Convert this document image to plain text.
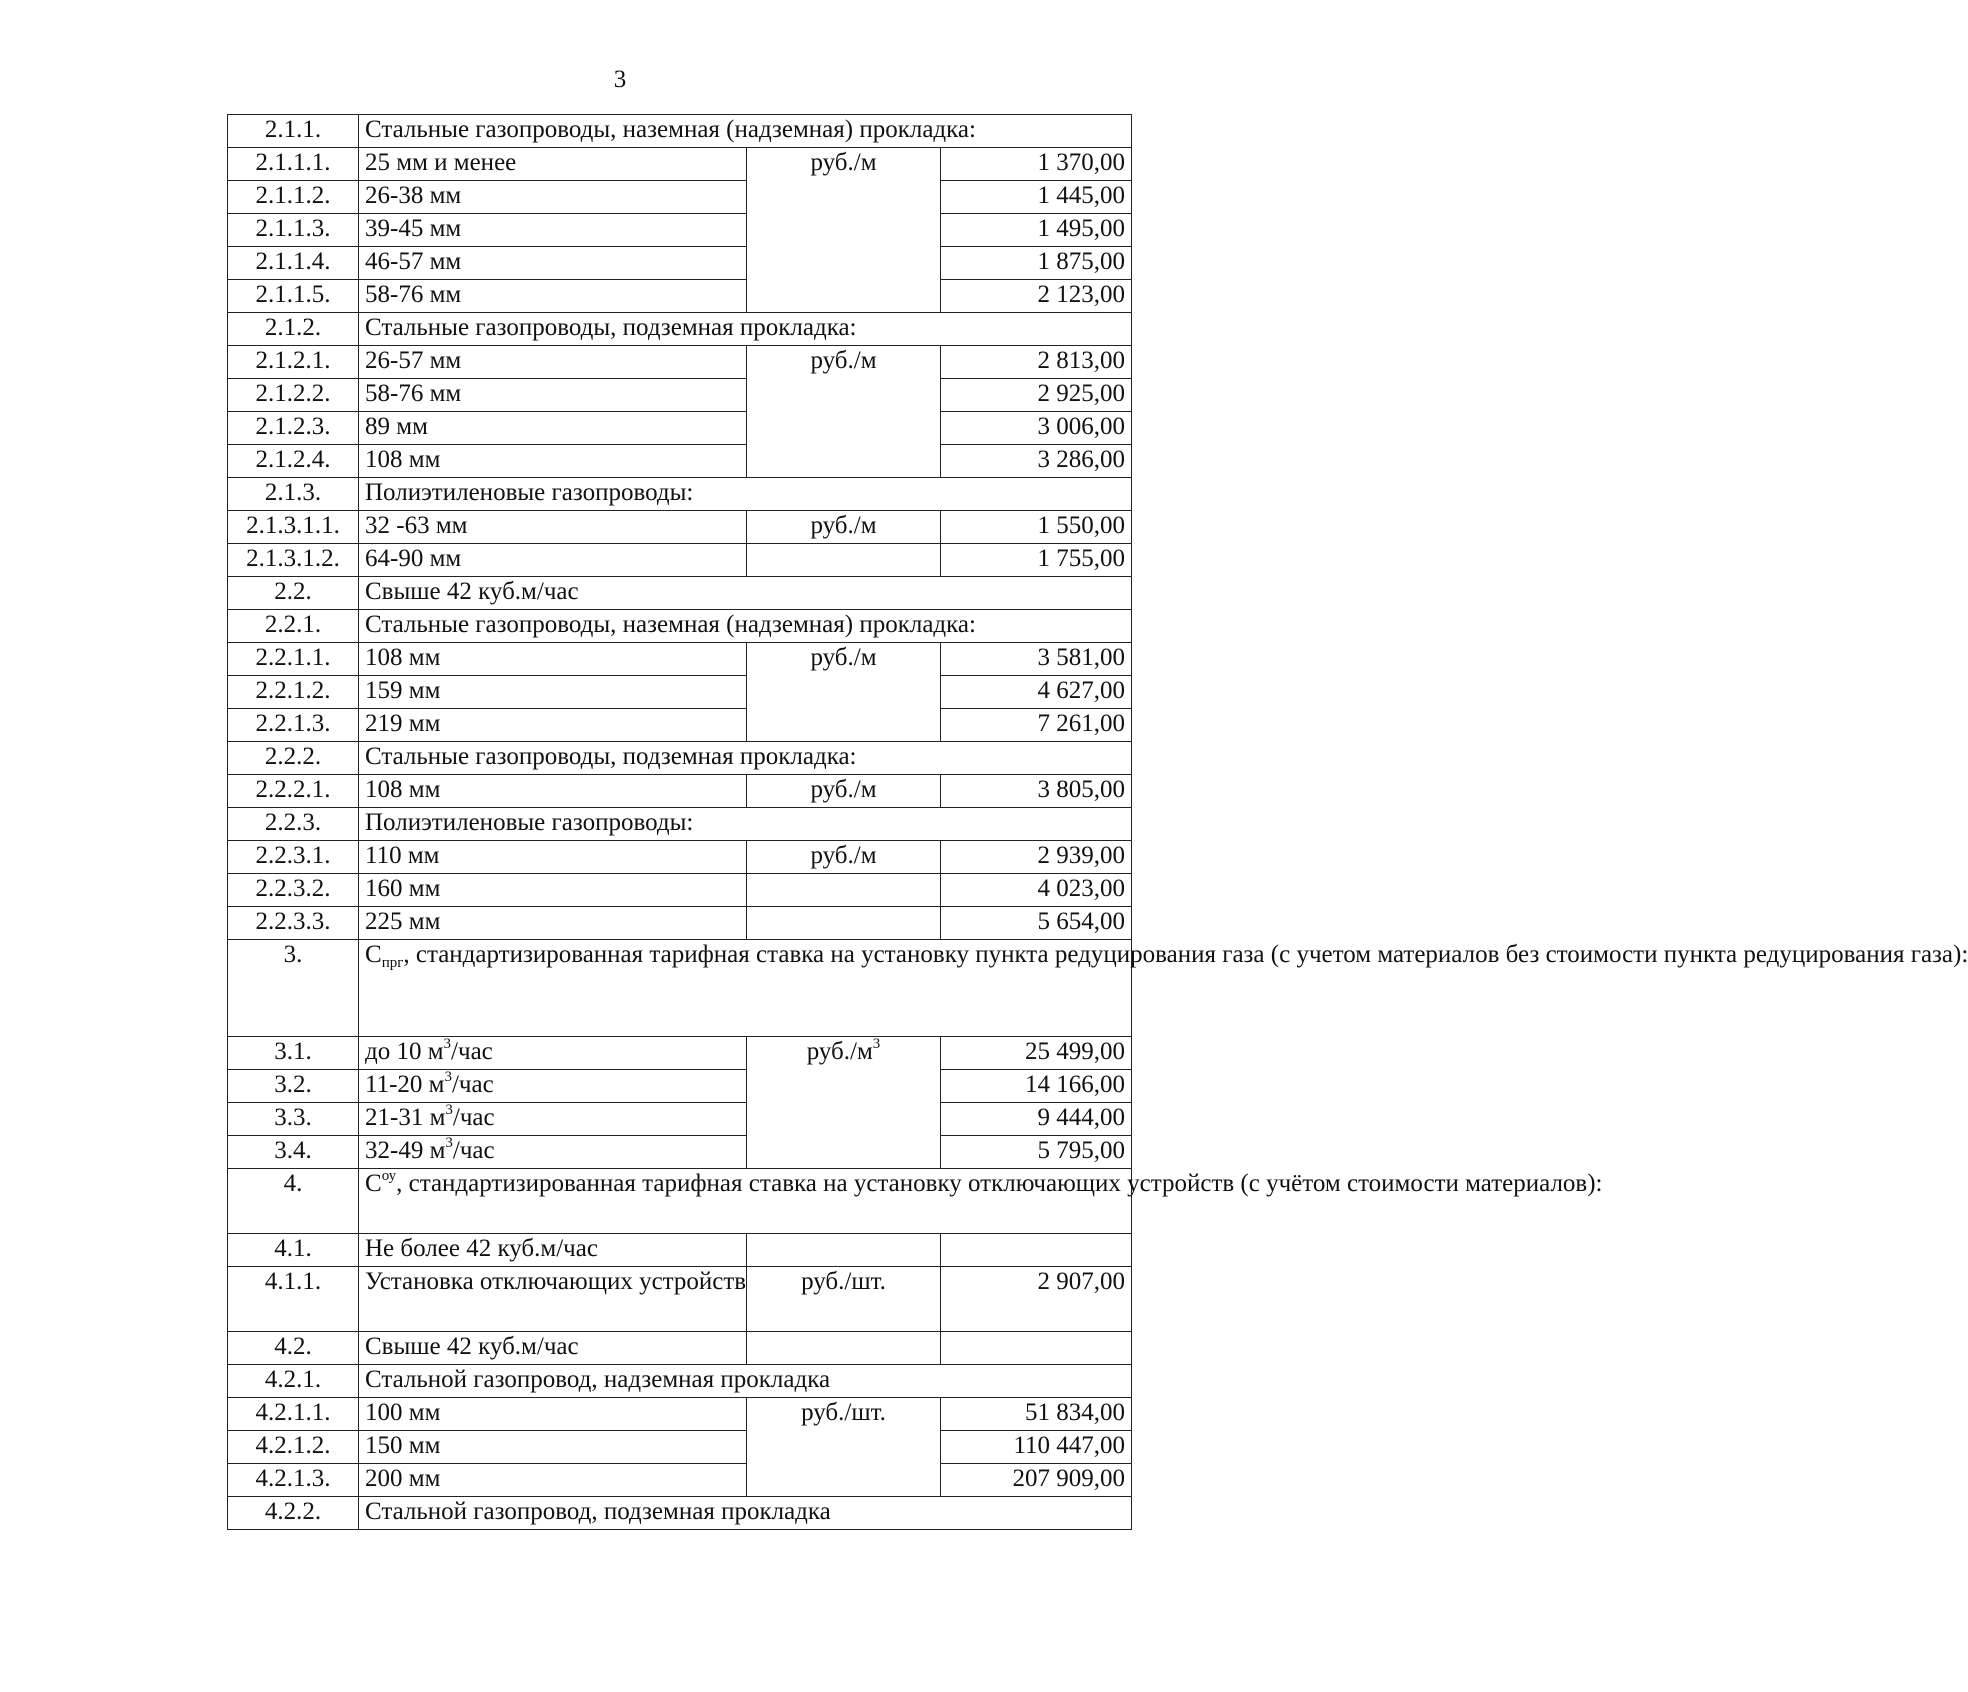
3
2.1.1.	Стальные газопроводы, наземная (надземная) прокладка:		
2.1.1.1.	25 мм и менее	руб./м	1 370,00
2.1.1.2.	26-38 мм		1 445,00
2.1.1.3.	39-45 мм		1 495,00
2.1.1.4.	46-57 мм		1 875,00
2.1.1.5.	58-76 мм		2 123,00
2.1.2.	Стальные газопроводы, подземная прокладка:		
2.1.2.1.	26-57 мм	руб./м	2 813,00
2.1.2.2.	58-76 мм		2 925,00
2.1.2.3.	89 мм		3 006,00
2.1.2.4.	108 мм		3 286,00
2.1.3.	Полиэтиленовые газопроводы:		
2.1.3.1.1.	32 -63 мм	руб./м	1 550,00
2.1.3.1.2.	64-90 мм		1 755,00
2.2.	Свыше 42 куб.м/час		
2.2.1.	Стальные газопроводы, наземная (надземная) прокладка:		
2.2.1.1.	108 мм	руб./м	3 581,00
2.2.1.2.	159 мм		4 627,00
2.2.1.3.	219 мм		7 261,00
2.2.2.	Стальные газопроводы, подземная прокладка:		
2.2.2.1.	108 мм	руб./м	3 805,00
2.2.3.	Полиэтиленовые газопроводы:		
2.2.3.1.	110 мм	руб./м	2 939,00
2.2.3.2.	160 мм		4 023,00
2.2.3.3.	225 мм		5 654,00
3.	$C_{прг}$, стандартизированная тарифная ставка на установку пункта редуцирования газа (с учетом материалов без стоимости пункта редуцирования газа):		
3.1.	до 10 $м^3$/час	$руб./м^3$	25 499,00
3.2.	11-20 $м^3$/час		14 166,00
3.3.	21-31 $м^3$/час		9 444,00
3.4.	32-49 $м^3$/час		5 795,00
4.	$C^{оу}$, стандартизированная тарифная ставка на установку отключающих устройств (с учётом стоимости материалов):		
4.1.	Не более 42 куб.м/час		
4.1.1.	Установка отключающих устройств	руб./шт.	2 907,00
4.2.	Свыше 42 куб.м/час		
4.2.1.	Стальной газопровод, надземная прокладка		
4.2.1.1.	100 мм	руб./шт.	51 834,00
4.2.1.2.	150 мм		110 447,00
4.2.1.3.	200 мм		207 909,00
4.2.2.	Стальной газопровод, подземная прокладка		
